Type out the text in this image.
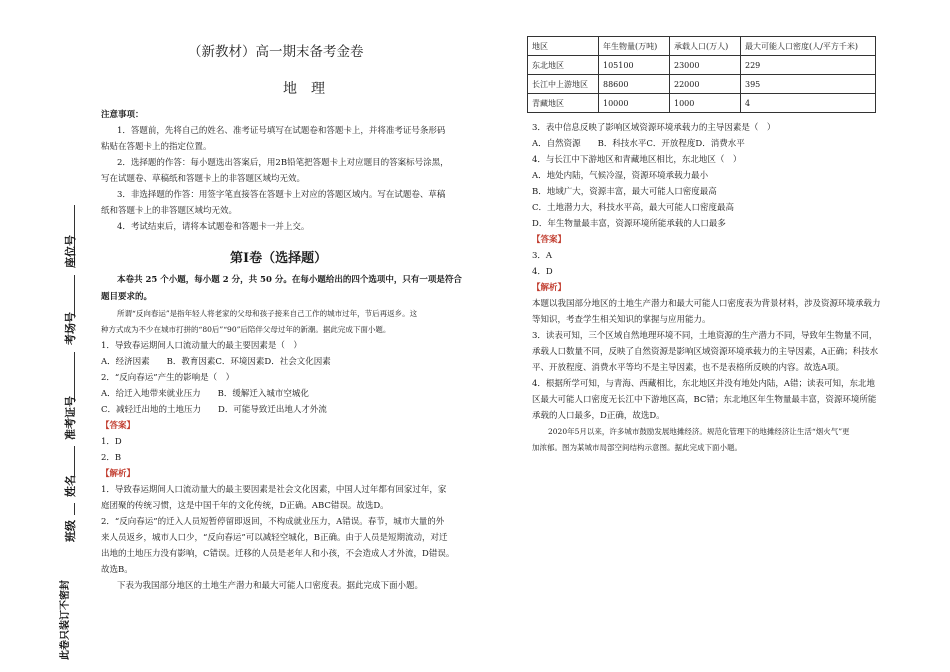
座位号
考场号
准考证号
姓名
班级
此卷只装订不密封
（新教材）高一期末备考金卷
地　理
注意事项：
1．答题前，先将自己的姓名、准考证号填写在试题卷和答题卡上，并将准考证号条形码
粘贴在答题卡上的指定位置。
2．选择题的作答：每小题选出答案后，用2B铅笔把答题卡上对应题目的答案标号涂黑，
写在试题卷、草稿纸和答题卡上的非答题区域均无效。
3．非选择题的作答：用签字笔直接答在答题卡上对应的答题区域内。写在试题卷、草稿
纸和答题卡上的非答题区域均无效。
4．考试结束后，请将本试题卷和答题卡一并上交。
第Ⅰ卷（选择题）
本卷共 25 个小题，每小题 2 分，共 50 分。在每小题给出的四个选项中，只有一项是符合
题目要求的。
所谓“反向春运”是指年轻人将老家的父母和孩子接来自己工作的城市过年，节后再返乡。这
种方式成为不少在城市打拼的“80后”“90”后陪伴父母过年的新潮。据此完成下面小题。
1．导致春运期间人口流动量大的最主要因素是（　）
A．经济因素　　B．教育因素C．环境因素D．社会文化因素
2．“反向春运”产生的影响是（　）
A．给迁入地带来就业压力　　B．缓解迁入城市空城化
C．减轻迁出地的土地压力　　D．可能导致迁出地人才外流
【答案】
1．D
2．B
【解析】
1．导致春运期间人口流动量大的最主要因素是社会文化因素，中国人过年都有回家过年，家
庭团聚的传统习惯，这是中国千年的文化传统，D正确。ABC错误。故选D。
2．“反向春运”的迁入人员短暂停留即返回，不构成就业压力，A错误。春节，城市大量的外
来人员返乡，城市人口少，“反向春运”可以减轻空城化，B正确。由于人员是短期流动，对迁
出地的土地压力没有影响，C错误。迁移的人员是老年人和小孩，不会造成人才外流，D错误。
故选B。
下表为我国部分地区的土地生产潜力和最大可能人口密度表。据此完成下面小题。
地区	年生物量(万吨)	承载人口(万人)	最大可能人口密度(人/平方千米)
东北地区	105100	23000	229
长江中上游地区	88600	22000	395
青藏地区	10000	1000	4
3．表中信息反映了影响区域资源环境承载力的主导因素是（　）
A．自然资源　　B．科技水平C．开放程度D．消费水平
4．与长江中下游地区和青藏地区相比，东北地区（　）
A．地处内陆，气候冷湿，资源环境承载力最小
B．地域广大，资源丰富，最大可能人口密度最高
C．土地潜力大，科技水平高，最大可能人口密度最高
D．年生物量最丰富，资源环境所能承载的人口最多
【答案】
3．A
4．D
【解析】
本题以我国部分地区的土地生产潜力和最大可能人口密度表为背景材料，涉及资源环境承载力
等知识，考查学生相关知识的掌握与应用能力。
3．读表可知，三个区域自然地理环境不同，土地资源的生产潜力不同，导致年生物量不同，
承载人口数量不同，反映了自然资源是影响区域资源环境承载力的主导因素，A正确；科技水
平、开放程度、消费水平等均不是主导因素，也不是表格所反映的内容。故选A项。
4．根据所学可知，与青海、西藏相比，东北地区并没有地处内陆，A错；读表可知，东北地
区最大可能人口密度无长江中下游地区高，BC错；东北地区年生物量最丰富，资源环境所能
承载的人口最多，D正确，故选D。
2020年5月以来，许多城市鼓励发展地摊经济。规范化管理下的地摊经济让生活“烟火气”更
加浓郁。图为某城市局部空间结构示意图。据此完成下面小题。
